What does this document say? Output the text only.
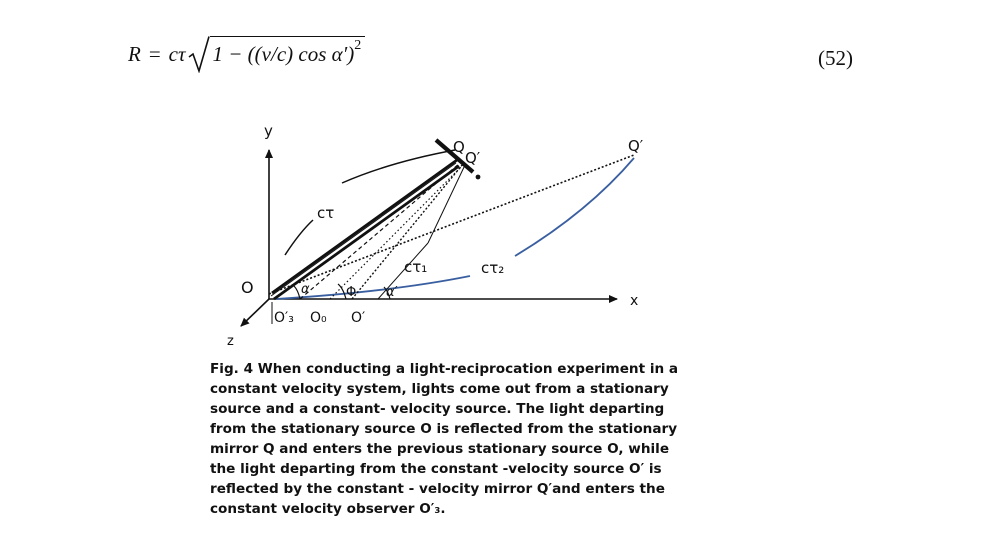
R = cτ 1 − ((v/c) cos α′)$^2$
(52)
y
x
z
O
Q
Q′
Q′
cτ
cτ₁	cτ₂
α	Φ α′
O′₃ O₀ O′
Fig. 4 When conducting a light-reciprocation experiment in a
constant velocity system, lights come out from a stationary
source and a constant- velocity source. The light departing
from the stationary source O is reflected from the stationary
mirror Q and enters the previous stationary source O, while
the light departing from the constant -velocity source O′ is
reflected by the constant - velocity mirror Q′and enters the
constant velocity observer O′₃.
